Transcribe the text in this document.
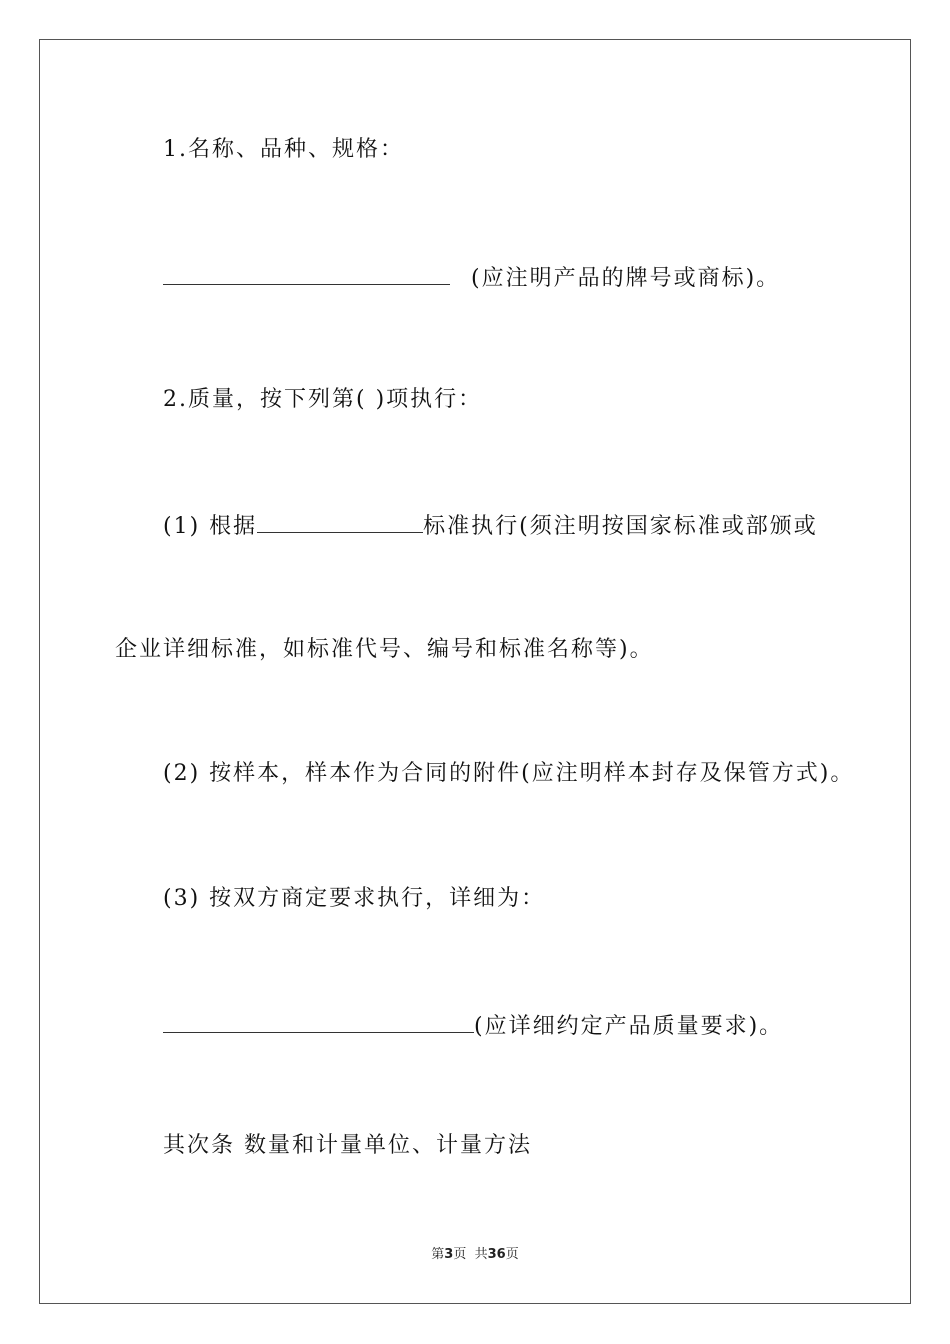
1.名称、品种、规格：
(应注明产品的牌号或商标)。
2.质量，按下列第( )项执行：
(1) 根据	标准执行(须注明按国家标准或部颁或
企业详细标准，如标准代号、编号和标准名称等)。
(2) 按样本，样本作为合同的附件(应注明样本封存及保管方式)。
(3) 按双方商定要求执行，详细为：
(应详细约定产品质量要求)。
其次条 数量和计量单位、计量方法
第3页  共36页
